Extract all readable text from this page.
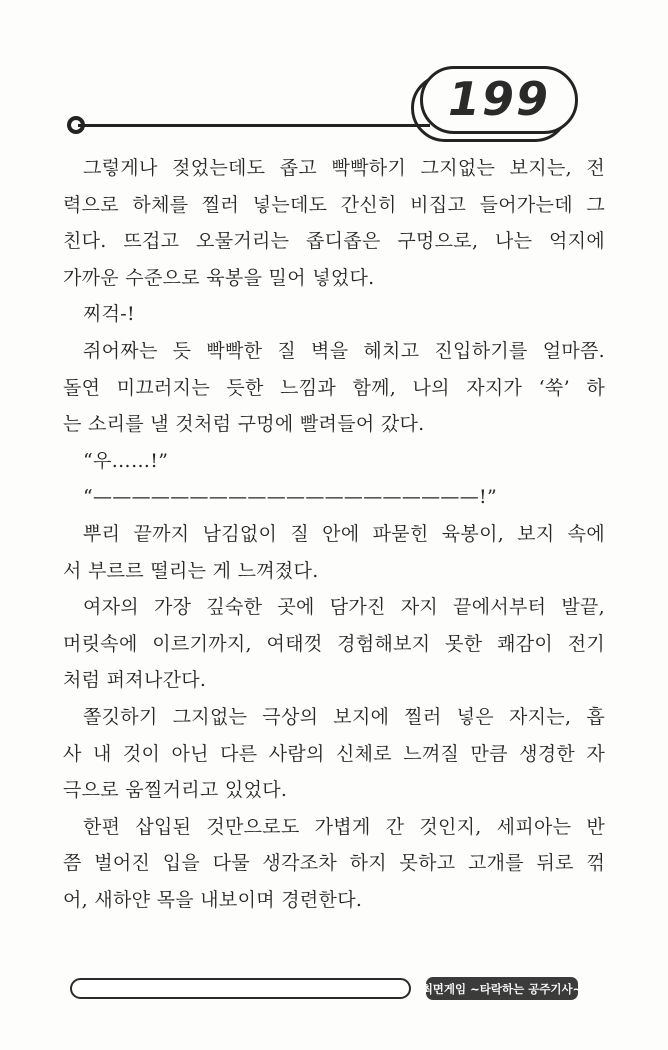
199
그렇게나 젖었는데도 좁고 빡빡하기 그지없는 보지는, 전
력으로 하체를 찔러 넣는데도 간신히 비집고 들어가는데 그
친다. 뜨겁고 오물거리는 좁디좁은 구멍으로, 나는 억지에
가까운 수준으로 육봉을 밀어 넣었다.
찌걱-!
쥐어짜는 듯 빡빡한 질 벽을 헤치고 진입하기를 얼마쯤.
돌연 미끄러지는 듯한 느낌과 함께, 나의 자지가 ‘쑥’ 하
는 소리를 낼 것처럼 구멍에 빨려들어 갔다.
“우……!”
“————————————————————!”
뿌리 끝까지 남김없이 질 안에 파묻힌 육봉이, 보지 속에
서 부르르 떨리는 게 느껴졌다.
여자의 가장 깊숙한 곳에 담가진 자지 끝에서부터 발끝,
머릿속에 이르기까지, 여태껏 경험해보지 못한 쾌감이 전기
처럼 퍼져나간다.
쫄깃하기 그지없는 극상의 보지에 찔러 넣은 자지는, 흡
사 내 것이 아닌 다른 사람의 신체로 느껴질 만큼 생경한 자
극으로 움찔거리고 있었다.
한편 삽입된 것만으로도 가볍게 간 것인지, 세피아는 반
쯤 벌어진 입을 다물 생각조차 하지 못하고 고개를 뒤로 꺾
어, 새하얀 목을 내보이며 경련한다.
최면게임 ~타락하는 공주기사~
